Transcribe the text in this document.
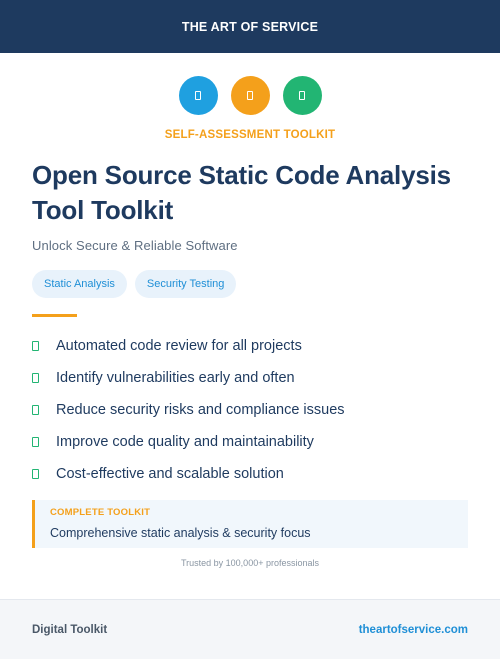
THE ART OF SERVICE
SELF-ASSESSMENT TOOLKIT
Open Source Static Code Analysis Tool Toolkit
Unlock Secure & Reliable Software
Static Analysis	Security Testing
Automated code review for all projects
Identify vulnerabilities early and often
Reduce security risks and compliance issues
Improve code quality and maintainability
Cost-effective and scalable solution
COMPLETE TOOLKIT
Comprehensive static analysis & security focus
Trusted by 100,000+ professionals
Digital Toolkit	theartofservice.com
